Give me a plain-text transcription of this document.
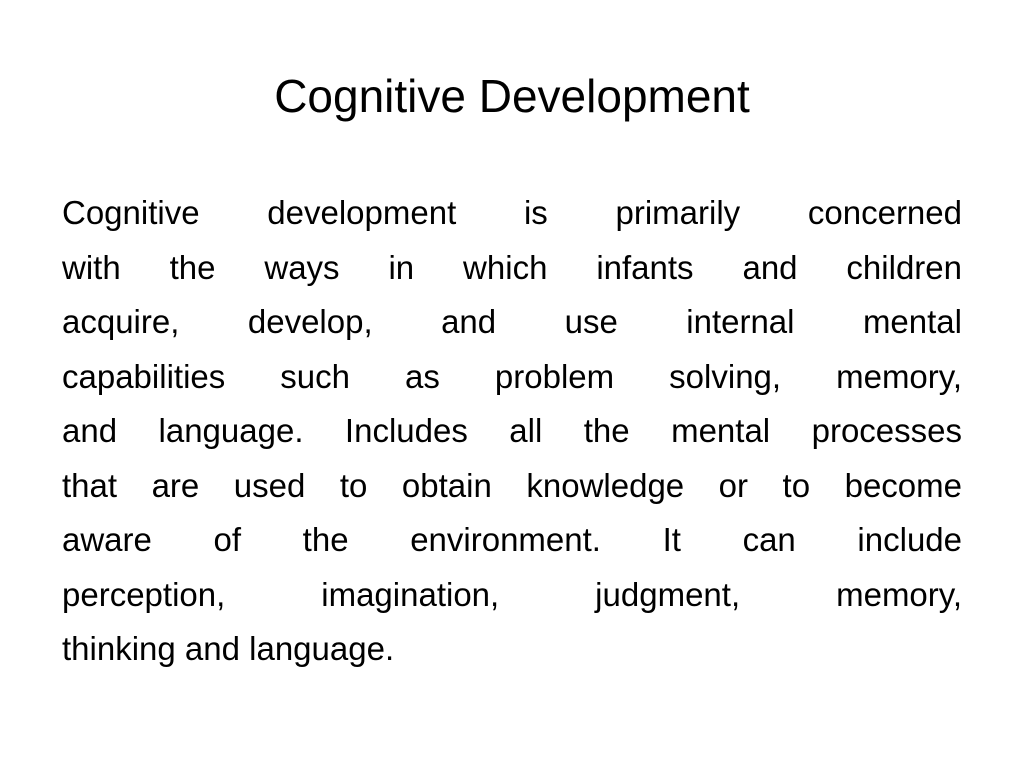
Cognitive Development
Cognitive development is primarily concerned
with the ways in which infants and children
acquire, develop, and use internal mental
capabilities such as problem solving, memory,
and language. Includes all the mental processes
that are used to obtain knowledge or to become
aware of the environment. It can include
perception, imagination, judgment, memory,
thinking and language.
